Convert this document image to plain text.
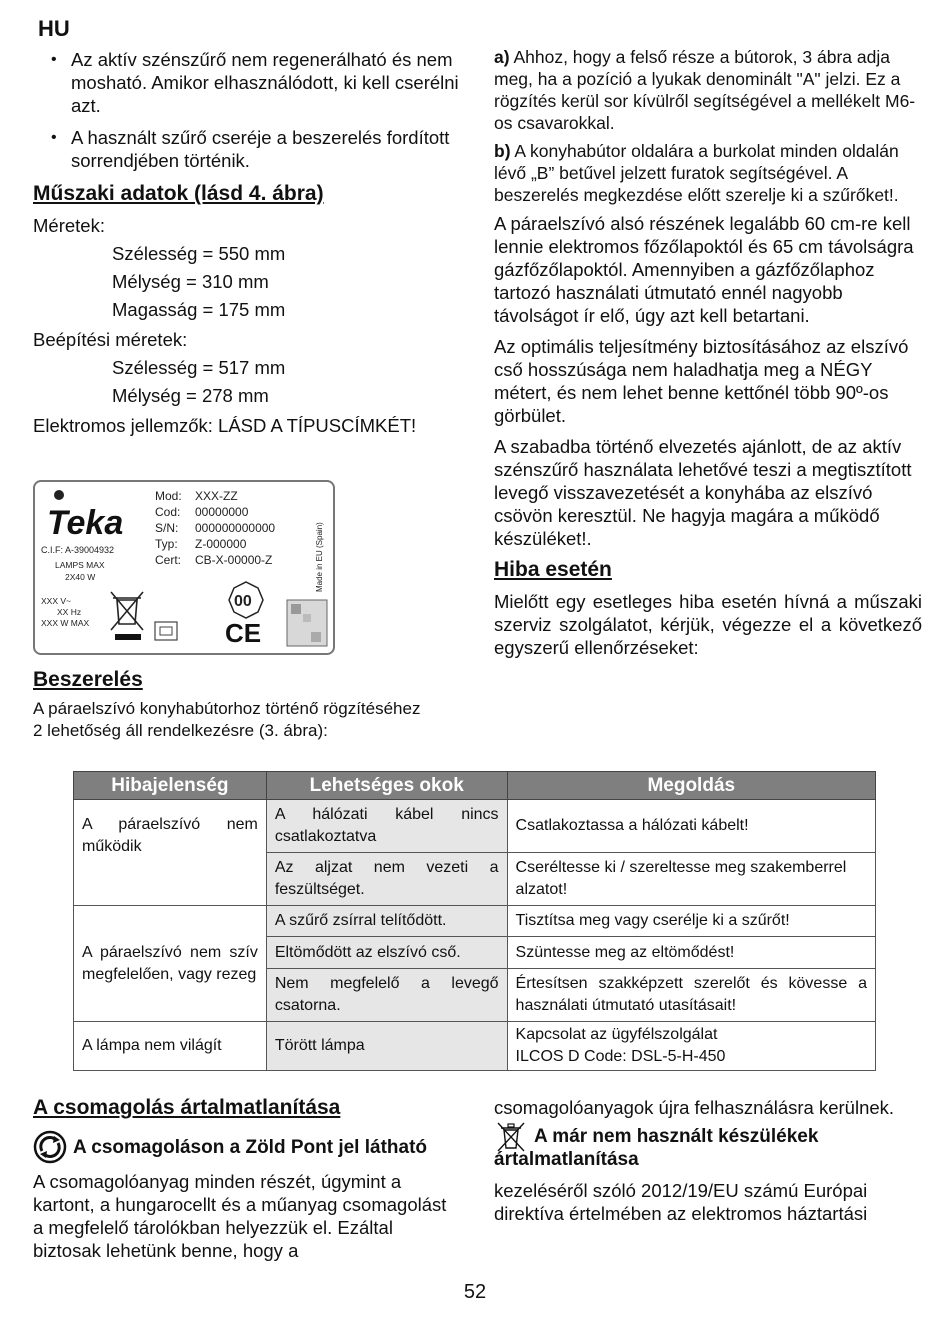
HU
• Az aktív szénszűrő nem regenerálható és nem mosható. Amikor elhasználódott, ki kell cserélni azt.
• A használt szűrő cseréje a beszerelés fordított sorrendjében történik.
Műszaki adatok (lásd 4. ábra)
Méretek:
Szélesség = 550 mm
Mélység = 310 mm
Magasság = 175 mm
Beépítési méretek:
Szélesség = 517 mm
Mélység = 278 mm
Elektromos jellemzők: LÁSD A TÍPUSCÍMKÉT!
Teka
C.I.F: A-39004932
LAMPS MAX
2X40 W
Mod: XXX-ZZ
Cod: 00000000
S/N: 000000000000
Typ: Z-000000
Cert: CB-X-00000-Z	Made in EU (Spain)
XXX V~
XX Hz
XXX W MAX
00
CE
Beszerelés
A páraelszívó konyhabútorhoz történő rögzítéséhez 2 lehetőség áll rendelkezésre (3. ábra):
a) Ahhoz, hogy a felső része a bútorok, 3 ábra adja meg, ha a pozíció a lyukak denominált "A" jelzi. Ez a rögzítés kerül sor kívülről segítségével a mellékelt M6-os csavarokkal.
b) A konyhabútor oldalára a burkolat minden oldalán lévő „B” betűvel jelzett furatok segítségével. A beszerelés megkezdése előtt szerelje ki a szűrőket!.
A páraelszívó alsó részének legalább 60 cm-re kell lennie elektromos főzőlapoktól és 65 cm távolságra gázfőzőlapoktól. Amennyiben a gázfőzőlaphoz tartozó használati útmutató ennél nagyobb távolságot ír elő, úgy azt kell betartani.
Az optimális teljesítmény biztosításához az elszívó cső hosszúsága nem haladhatja meg a NÉGY métert, és nem lehet benne kettőnél több 90º-os görbület.
A szabadba történő elvezetés ajánlott, de az aktív szénszűrő használata lehetővé teszi a megtisztított levegő visszavezetését a konyhába az elszívó csövön keresztül. Ne hagyja magára a működő készüléket!.
Hiba esetén
Mielőtt egy esetleges hiba esetén hívná a műszaki szerviz szolgálatot, kérjük, végezze el a következő egyszerű ellenőrzéseket:
Hibajelenség	Lehetséges okok	Megoldás
A páraelszívó nem működik	A hálózati kábel nincs csatlakoztatva	Csatlakoztassa a hálózati kábelt!
	Az aljzat nem vezeti a feszültséget.	Cseréltesse ki / szereltesse meg szakemberrel alzatot!
A páraelszívó nem szív megfelelően, vagy rezeg	A szűrő zsírral telítődött.	Tisztítsa meg vagy cserélje ki a szűrőt!
	Eltömődött az elszívó cső.	Szüntesse meg az eltömődést!
	Nem megfelelő a levegő csatorna.	Értesítsen szakképzett szerelőt és kövesse a használati útmutató utasításait!
A lámpa nem világít	Törött lámpa	Kapcsolat az ügyfélszolgálat
ILCOS D Code: DSL-5-H-450
A csomagolás ártalmatlanítása
A csomagoláson a Zöld Pont jel látható
A csomagolóanyag minden részét, úgymint a kartont, a hungarocellt és a műanyag csomagolást a megfelelő tárolókban helyezzük el. Ezáltal biztosak lehetünk benne, hogy a
csomagolóanyagok újra felhasználásra kerülnek.
A már nem használt készülékek ártalmatlanítása
kezeléséről szóló 2012/19/EU számú Európai direktíva értelmében az elektromos háztartási
52
